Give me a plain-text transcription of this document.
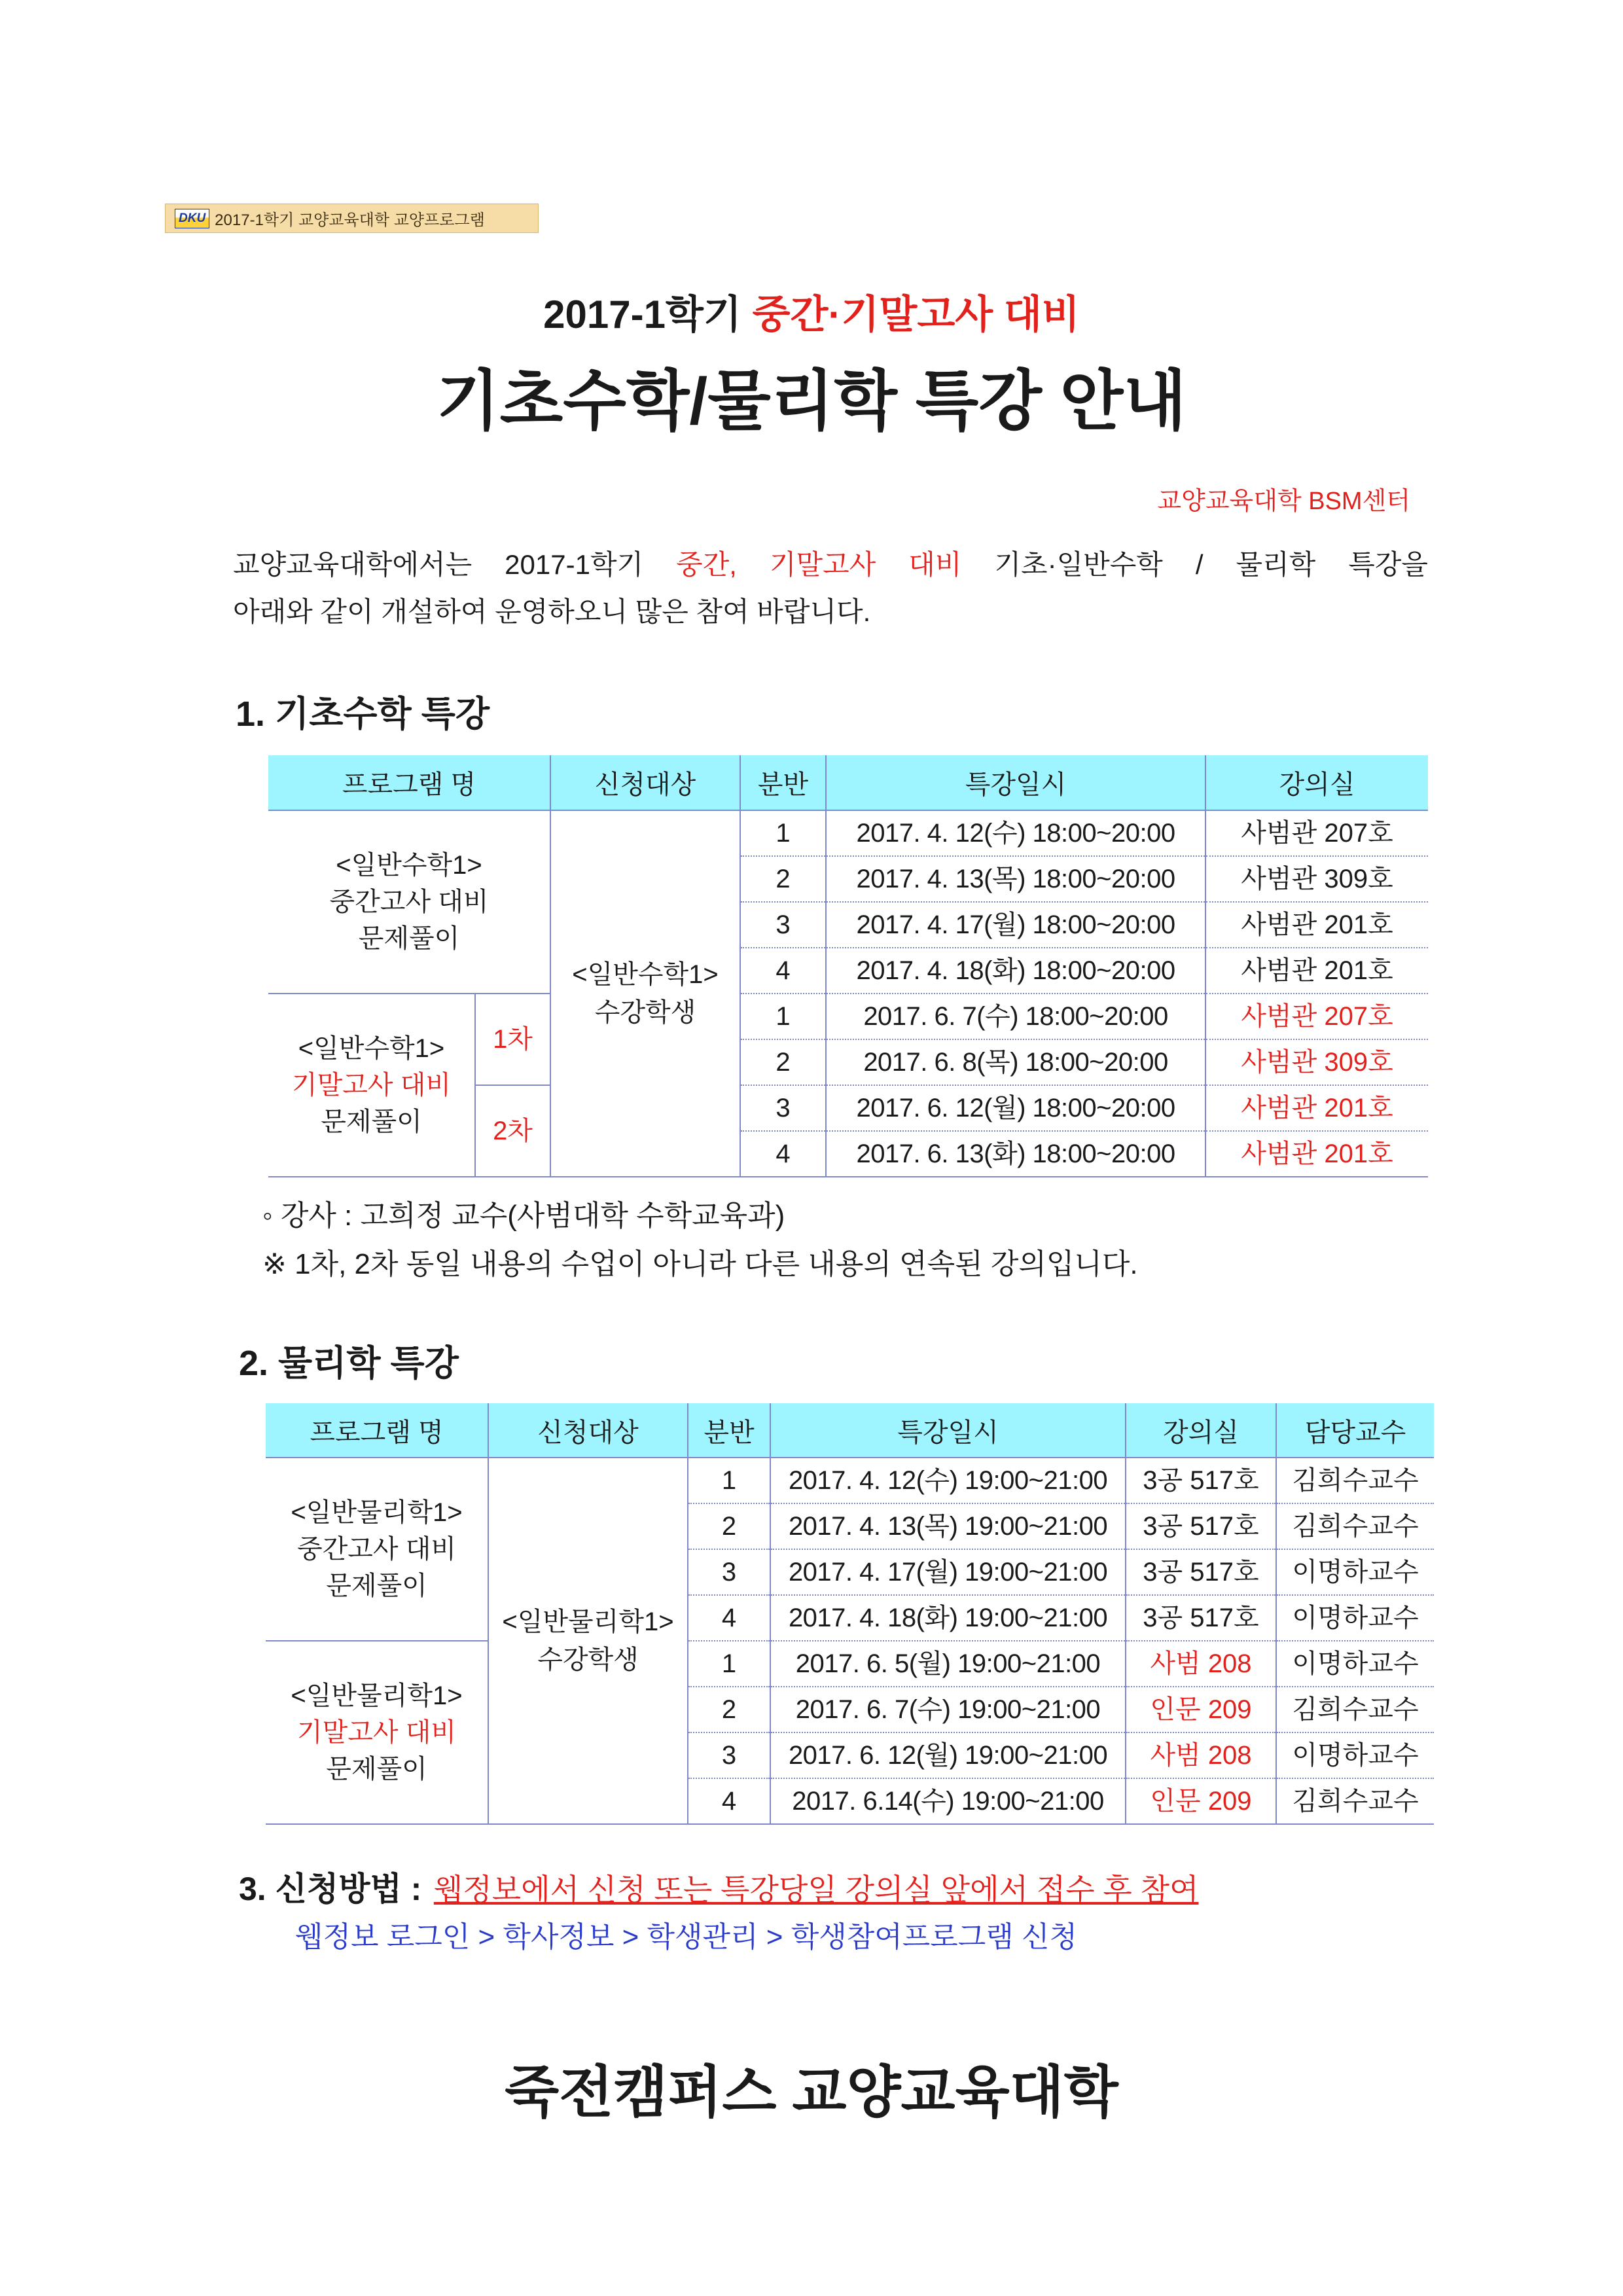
DKU 2017-1학기 교양교육대학 교양프로그램
2017-1학기 중간·기말고사 대비
기초수학/물리학 특강 안내
교양교육대학 BSM센터
교양교육대학에서는 2017-1학기 중간, 기말고사 대비 기초·일반수학 / 물리학 특강을
아래와 같이 개설하여 운영하오니 많은 참여 바랍니다.
1. 기초수학 특강
프로그램 명		신청대상	분반	특강일시	강의실

<일반수학1>
중간고사 대비
문제풀이		<일반수학1>
수강학생	1	2017. 4. 12(수) 18:00~20:00	사범관 207호
			2	2017. 4. 13(목) 18:00~20:00	사범관 309호
			3	2017. 4. 17(월) 18:00~20:00	사범관 201호
			4	2017. 4. 18(화) 18:00~20:00	사범관 201호

<일반수학1>
기말고사 대비
문제풀이	1차		1	2017. 6. 7(수) 18:00~20:00	사범관 207호
			2	2017. 6. 8(목) 18:00~20:00	사범관 309호
	2차		3	2017. 6. 12(월) 18:00~20:00	사범관 201호
			4	2017. 6. 13(화) 18:00~20:00	사범관 201호
◦ 강사 : 고희정 교수(사범대학 수학교육과)
※ 1차, 2차 동일 내용의 수업이 아니라 다른 내용의 연속된 강의입니다.
2. 물리학 특강
프로그램 명	신청대상	분반	특강일시	강의실	담당교수

<일반물리학1>
중간고사 대비
문제풀이	<일반물리학1>
수강학생	1	2017. 4. 12(수) 19:00~21:00	3공 517호	김희수교수
		2	2017. 4. 13(목) 19:00~21:00	3공 517호	김희수교수
		3	2017. 4. 17(월) 19:00~21:00	3공 517호	이명하교수
		4	2017. 4. 18(화) 19:00~21:00	3공 517호	이명하교수

<일반물리학1>
기말고사 대비
문제풀이		1	2017. 6. 5(월) 19:00~21:00	사범 208	이명하교수
		2	2017. 6. 7(수) 19:00~21:00	인문 209	김희수교수
		3	2017. 6. 12(월) 19:00~21:00	사범 208	이명하교수
		4	2017. 6.14(수) 19:00~21:00	인문 209	김희수교수
3. 신청방법 : 웹정보에서 신청 또는 특강당일 강의실 앞에서 접수 후 참여
웹정보 로그인 > 학사정보 > 학생관리 > 학생참여프로그램 신청
죽전캠퍼스 교양교육대학
